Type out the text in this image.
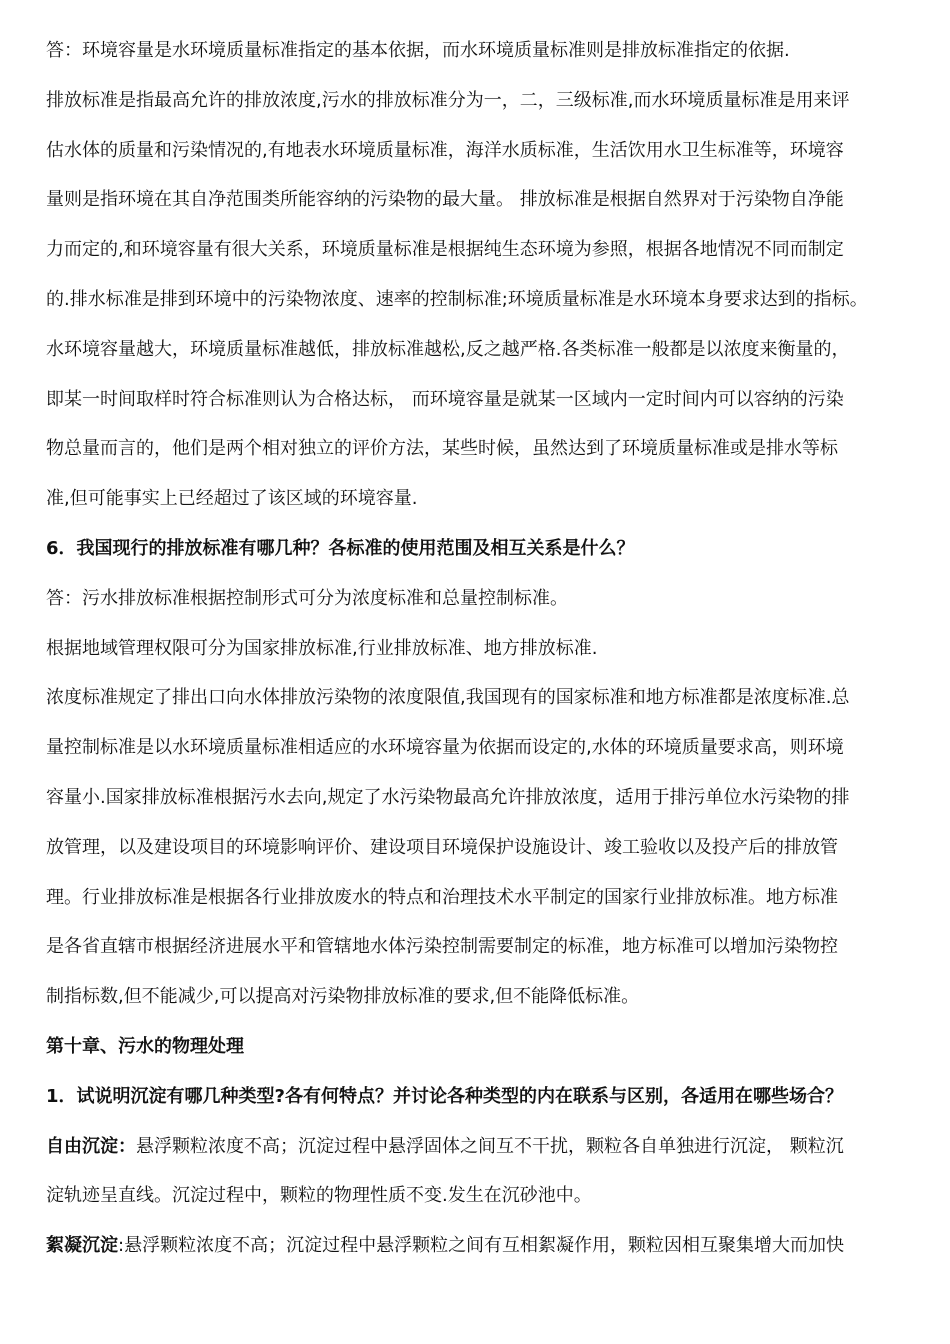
答：环境容量是水环境质量标准指定的基本依据，而水环境质量标准则是排放标准指定的依据.
排放标准是指最高允许的排放浓度,污水的排放标准分为一，二，三级标准,而水环境质量标准是用来评
估水体的质量和污染情况的,有地表水环境质量标准，海洋水质标准，生活饮用水卫生标准等，环境容
量则是指环境在其自净范围类所能容纳的污染物的最大量。 排放标准是根据自然界对于污染物自净能
力而定的,和环境容量有很大关系，环境质量标准是根据纯生态环境为参照，根据各地情况不同而制定
的.排水标准是排到环境中的污染物浓度、速率的控制标准;环境质量标准是水环境本身要求达到的指标。
水环境容量越大，环境质量标准越低，排放标准越松,反之越严格.各类标准一般都是以浓度来衡量的，
即某一时间取样时符合标准则认为合格达标， 而环境容量是就某一区域内一定时间内可以容纳的污染
物总量而言的，他们是两个相对独立的评价方法，某些时候，虽然达到了环境质量标准或是排水等标
准,但可能事实上已经超过了该区域的环境容量.
6．我国现行的排放标准有哪几种？各标准的使用范围及相互关系是什么？
答：污水排放标准根据控制形式可分为浓度标准和总量控制标准。
根据地域管理权限可分为国家排放标准,行业排放标准、地方排放标准.
浓度标准规定了排出口向水体排放污染物的浓度限值,我国现有的国家标准和地方标准都是浓度标准.总
量控制标准是以水环境质量标准相适应的水环境容量为依据而设定的,水体的环境质量要求高，则环境
容量小.国家排放标准根据污水去向,规定了水污染物最高允许排放浓度，适用于排污单位水污染物的排
放管理，以及建设项目的环境影响评价、建设项目环境保护设施设计、竣工验收以及投产后的排放管
理。行业排放标准是根据各行业排放废水的特点和治理技术水平制定的国家行业排放标准。地方标准
是各省直辖市根据经济进展水平和管辖地水体污染控制需要制定的标准，地方标准可以增加污染物控
制指标数,但不能减少,可以提高对污染物排放标准的要求,但不能降低标准。
第十章、污水的物理处理
1．试说明沉淀有哪几种类型?各有何特点？并讨论各种类型的内在联系与区别，各适用在哪些场合？
自由沉淀：悬浮颗粒浓度不高；沉淀过程中悬浮固体之间互不干扰，颗粒各自单独进行沉淀， 颗粒沉
淀轨迹呈直线。沉淀过程中，颗粒的物理性质不变.发生在沉砂池中。
絮凝沉淀:悬浮颗粒浓度不高；沉淀过程中悬浮颗粒之间有互相絮凝作用，颗粒因相互聚集增大而加快
